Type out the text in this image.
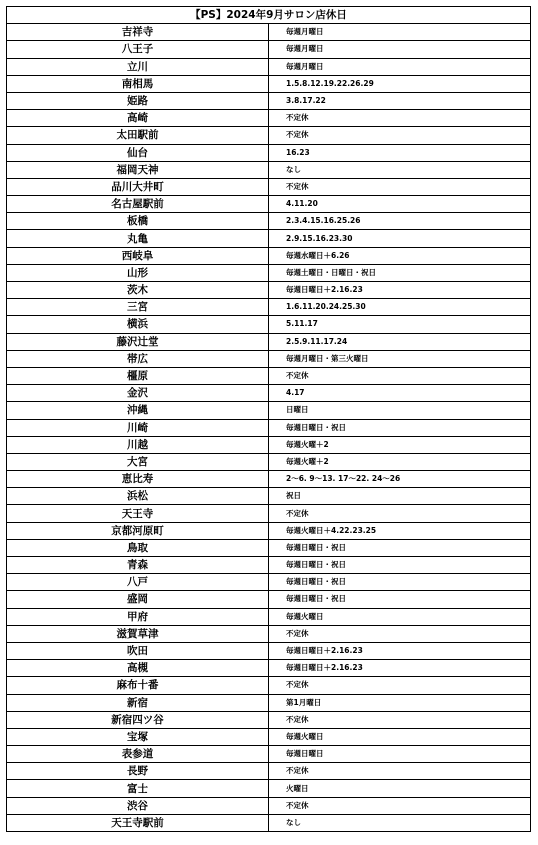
【PS】2024年9月サロン店休日	
吉祥寺	毎週月曜日
八王子	毎週月曜日
立川	毎週月曜日
南相馬	1.5.8.12.19.22.26.29
姫路	3.8.17.22
高崎	不定休
太田駅前	不定休
仙台	16.23
福岡天神	なし
品川大井町	不定休
名古屋駅前	4.11.20
板橋	2.3.4.15.16.25.26
丸亀	2.9.15.16.23.30
西岐阜	毎週水曜日＋6.26
山形	毎週土曜日・日曜日・祝日
茨木	毎週日曜日＋2.16.23
三宮	1.6.11.20.24.25.30
横浜	5.11.17
藤沢辻堂	2.5.9.11.17.24
帯広	毎週月曜日・第三火曜日
橿原	不定休
金沢	4.17
沖縄	日曜日
川崎	毎週日曜日・祝日
川越	毎週火曜＋2
大宮	毎週火曜＋2
恵比寿	2～6. 9～13. 17～22. 24～26
浜松	祝日
天王寺	不定休
京都河原町	毎週火曜日＋4.22.23.25
鳥取	毎週日曜日・祝日
青森	毎週日曜日・祝日
八戸	毎週日曜日・祝日
盛岡	毎週日曜日・祝日
甲府	毎週火曜日
滋賀草津	不定休
吹田	毎週日曜日＋2.16.23
高槻	毎週日曜日＋2.16.23
麻布十番	不定休
新宿	第1月曜日
新宿四ツ谷	不定休
宝塚	毎週火曜日
表参道	毎週日曜日
長野	不定休
富士	火曜日
渋谷	不定休
天王寺駅前	なし
